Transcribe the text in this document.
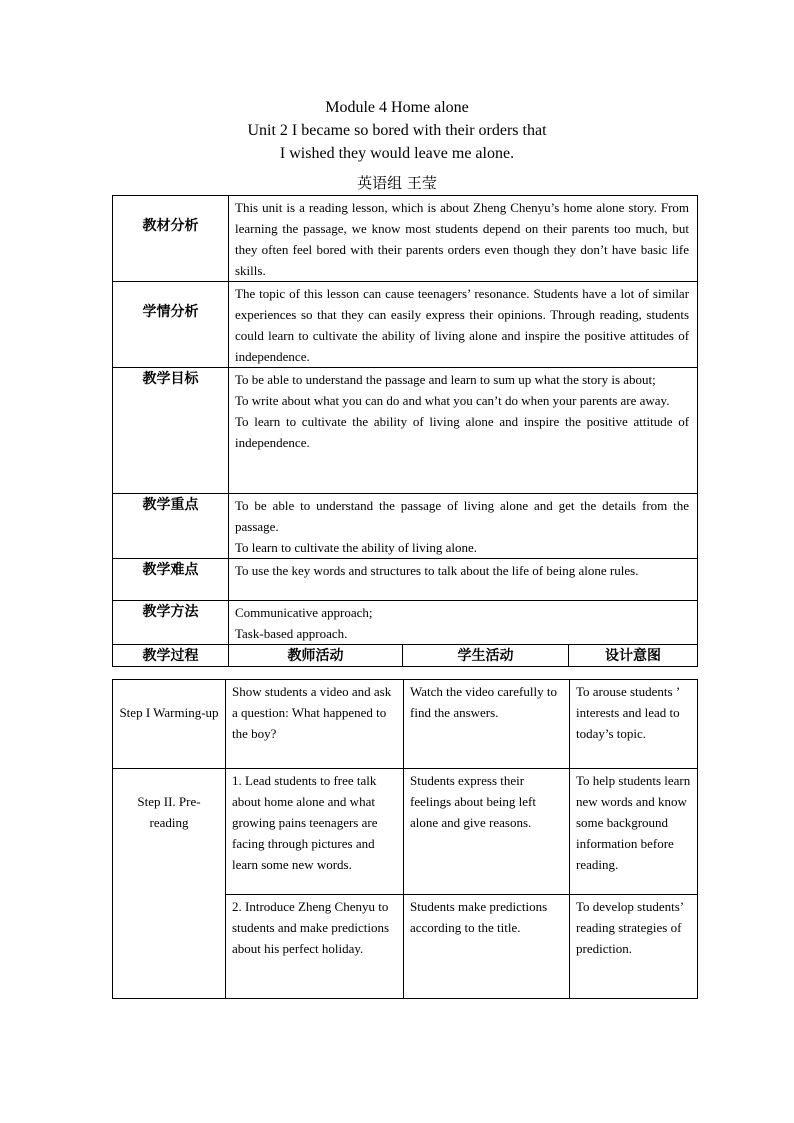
Module 4 Home alone
Unit 2 I became so bored with their orders that
I wished they would leave me alone.
英语组 王莹
教材分析	This unit is a reading lesson, which is about Zheng Chenyu’s home alone story. From learning the passage, we know most students depend on their parents too much, but they often feel bored with their parents orders even though they don’t have basic life skills.		
学情分析	The topic of this lesson can cause teenagers’ resonance. Students have a lot of similar experiences so that they can easily express their opinions. Through reading, students could learn to cultivate the ability of living alone and inspire the positive attitudes of independence.		
教学目标	To be able to understand the passage and learn to sum up what the story is about;
To write about what you can do and what you can’t do when your parents are away.
To learn to cultivate the ability of living alone and inspire the positive attitude of independence.		

教学重点	To be able to understand the passage of living alone and get the details from the passage.
To learn to cultivate the ability of living alone.		

教学难点	To use the key words and structures to talk about the life of being alone rules.		
教学方法	Communicative approach;
Task-based approach.		

教学过程	教师活动	学生活动	设计意图
Step I Warming-up	Show students a video and ask a question: What happened to the boy?	Watch the video carefully to find the answers.	To arouse students ’ interests and lead to today’s topic.
Step II. Pre-reading	1. Lead students to free talk about home alone and what growing pains teenagers are facing through pictures and learn some new words.	Students express their feelings about being left alone and give reasons.	To help students learn new words and know some background information before reading.
	2. Introduce Zheng Chenyu to students and make predictions about his perfect holiday.	Students make predictions according to the title.	To develop students’ reading strategies of prediction.
